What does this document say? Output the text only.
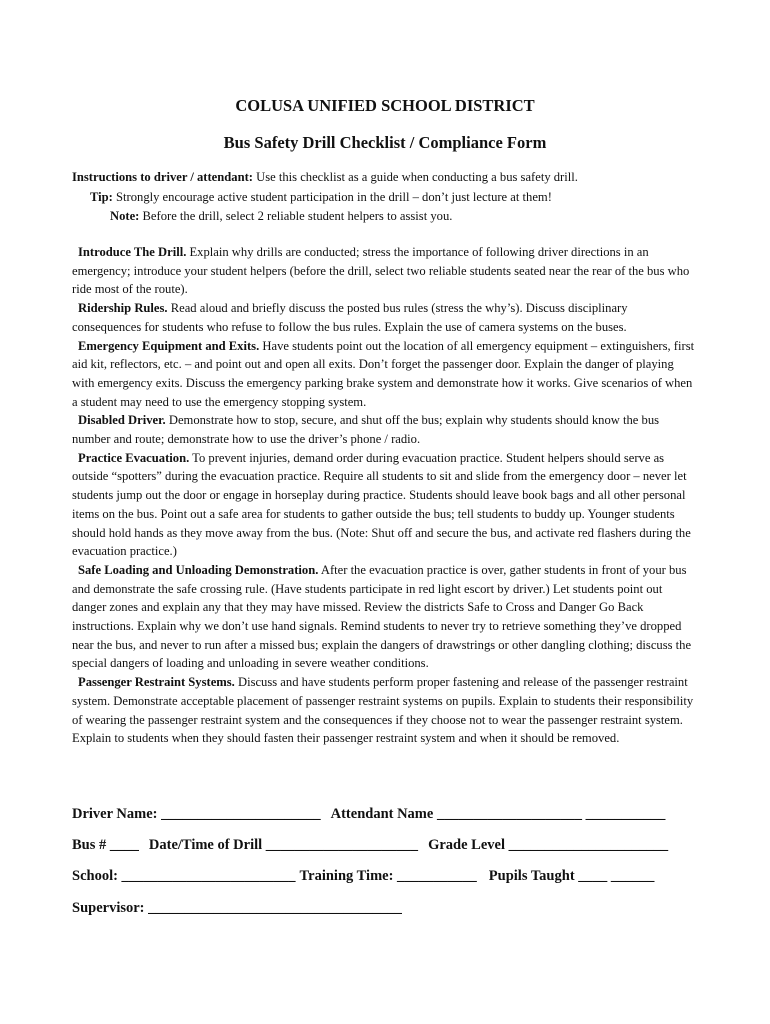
COLUSA UNIFIED SCHOOL DISTRICT
Bus Safety Drill Checklist / Compliance Form

Instructions to driver / attendant: Use this checklist as a guide when conducting a bus safety drill.

Tip: Strongly encourage active student participation in the drill – don’t just lecture at them!

Note: Before the drill, select 2 reliable student helpers to assist you.

Introduce The Drill. Explain why drills are conducted; stress the importance of following driver directions in an emergency; introduce your student helpers (before the drill, select two reliable students seated near the rear of the bus who ride most of the route).

Ridership Rules. Read aloud and briefly discuss the posted bus rules (stress the why’s). Discuss disciplinary consequences for students who refuse to follow the bus rules. Explain the use of camera systems on the buses.

Emergency Equipment and Exits. Have students point out the location of all emergency equipment – extinguishers, first aid kit, reflectors, etc. – and point out and open all exits. Don’t forget the passenger door. Explain the danger of playing with emergency exits. Discuss the emergency parking brake system and demonstrate how it works. Give scenarios of when a student may need to use the emergency stopping system.

Disabled Driver. Demonstrate how to stop, secure, and shut off the bus; explain why students should know the bus number and route; demonstrate how to use the driver’s phone / radio.

Practice Evacuation. To prevent injuries, demand order during evacuation practice. Student helpers should serve as outside “spotters” during the evacuation practice. Require all students to sit and slide from the emergency door – never let students jump out the door or engage in horseplay during practice. Students should leave book bags and all other personal items on the bus. Point out a safe area for students to gather outside the bus; tell students to buddy up. Younger students should hold hands as they move away from the bus. (Note: Shut off and secure the bus, and activate red flashers during the evacuation practice.)

Safe Loading and Unloading Demonstration. After the evacuation practice is over, gather students in front of your bus and demonstrate the safe crossing rule. (Have students participate in red light escort by driver.) Let students point out danger zones and explain any that they may have missed. Review the districts Safe to Cross and Danger Go Back instructions. Explain why we don’t use hand signals. Remind students to never try to retrieve something they’ve dropped near the bus, and never to run after a missed bus; explain the dangers of drawstrings or other dangling clothing; discuss the special dangers of loading and unloading in severe weather conditions.

Passenger Restraint Systems. Discuss and have students perform proper fastening and release of the passenger restraint system. Demonstrate acceptable placement of passenger restraint systems on pupils. Explain to students their responsibility of wearing the passenger restraint system and the consequences if they choose not to wear the passenger restraint system. Explain to students when they should fasten their passenger restraint system and when it should be removed.

Driver Name: ______________________ Attendant Name ____________________ ___________
Bus # ____ Date/Time of Drill _____________________ Grade Level ______________________
School: ________________________ Training Time: ___________ Pupils Taught ____ ______
Supervisor: ___________________________________
